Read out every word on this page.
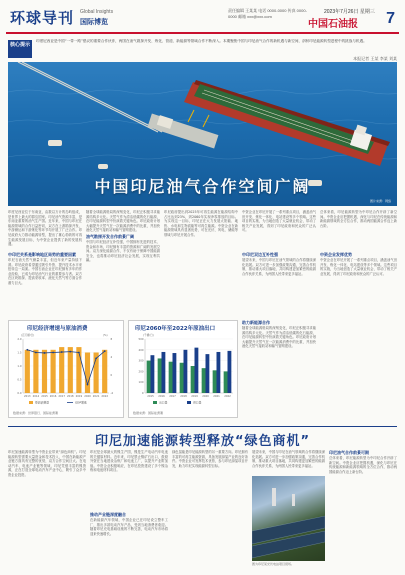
环球导刊 Global Insights
国际博览
责任编辑 王某某 电话 0000-0000 传真 0000-0000 邮箱 xxx@xxx.com
2023年7月26日 星期三
中国石油报 7
核心提示
印度尼西亚是中国“一带一路”倡议的重要合作伙伴，两国在油气勘探开发、炼化、管道、新能源等领域合作不断深入。本期聚焦中国与印尼油气合作的新机遇与新空间，剖析印尼能源转型进程中的挑战与机遇。
本报记者 王某 李某 刘某
中国印尼油气合作空间广阔
图片来源：网络
印度尼西亚位于东南亚，由数以万计的岛屿组成，是世界上最大的群岛国家。印尼油气资源丰富，是东南亚重要的油气生产国。近年来，中国与印尼在能源领域的合作日益密切，双方在上游勘探开发、中游储运和下游炼化等环节均开展了广泛合作。印尼政府大力推动能源转型，提出了雄心勃勃的可再生能源发展目标，为中资企业提供了新的发展机遇。
中印尼关系是影响地区局势的重要因素
印尼石油天然气储量丰富，但近年来产量持续下滑。印尼政府希望通过吸引外资、提升技术水平来扭转这一局面。中国石油企业在印尼拥有多年的作业经验，已成为印尼油气行业的重要参与者。双方在区块勘探、提高采收率、液化天然气等方面合作潜力巨大。
随着全球能源格局的深刻变化，印尼正积极寻求能源结构多元化。天然气作为清洁低碳的化石能源，在印尼能源转型中扮演着关键角色。印尼政府计划大幅提升天然气在一次能源消费中的比重，并加快液化天然气接收站和输气管网建设。
油气勘探开发合作前景广阔
中国与印尼经济互补性强，中国拥有先进的技术、资金和市场，印尼拥有丰富的资源和广阔的发展空间。双方深化能源合作，不仅有助于保障中国能源安全，也将推动印尼经济社会发展，实现互利共赢。
印尼政府提出到2025年可再生能源在能源结构中占比达到23%，到2060年实现净零排放的目标。为实现这一目标，印尼正在大力发展太阳能、地热、水电和生物质能等可再生能源。中资企业在新能源领域具有显著优势，可在光伏、风电、储能等领域与印尼开展合作。
中资企业在印尼开展了一系列重点项目，涵盖油气田开发、炼化一体化、电站建设等多个领域。这些项目的实施，为当地创造了大量就业机会，带动了相关产业发展，得到了印尼政府和民众的广泛认可。
中印尼双边互补性强
展望未来，中国与印尼在油气领域的合作将继续深化拓展。双方可进一步加强政策沟通，完善合作机制，推动重大项目落地，共同构建更加紧密的能源合作伙伴关系，为两国人民带来更多福祉。
总体来看，印尼能源转型为中印尼合作开辟了新空间。中资企业应把握机遇，深化与印尼在传统能源和新能源领域的全方位合作，推动两国能源合作迈上新台阶。
中资企业发挥优势
中资企业在印尼开展了一系列重点项目，涵盖油气田开发、炼化一体化、电站建设等多个领域。这些项目的实施，为当地创造了大量就业机会，带动了相关产业发展，得到了印尼政府和民众的广泛认可。
印尼经济增速与原油消费
0.0
0.5
1.0
1.5
2.0
-4
0
4
8
(百万桶/日)	(%)
2013 2014 2015 2016 2017 2018 2019 2020 2021 2022
原油消费量	GDP增速
数据来源：世界银行、国际能源署
印尼2060年至2022年原油出口
0
100
200
300
400
500
(千桶/日)
2015 2016 2017 2018 2019 2020 2021 2022
出口量	进口量
数据来源：国际能源署
助力新能源合作
随着全球能源格局的深刻变化，印尼正积极寻求能源结构多元化。天然气作为清洁低碳的化石能源，在印尼能源转型中扮演着关键角色。印尼政府计划大幅提升天然气在一次能源消费中的比重，并加快液化天然气接收站和输气管网建设。
印尼加速能源转型释放“绿色商机”
印尼加速能源转型为中资企业带来“绿色商机”。印尼能源转型需要大量资金和技术投入，中国在新能源产业链方面具有完整的优势，双方合作空间巨大。在电动汽车、电池产业链等领域，印尼凭借丰富的镍资源，正在打造全球电动汽车产业中心，吸引了众多中资企业投资。
印尼是全球最大的镍生产国，镍是生产电动汽车电池的关键原材料。近年来，印尼禁止镍矿石出口，鼓励外资在当地建设冶炼厂和电池工厂，以提升产业附加值。中资企业积极响应，在印尼投资建设了多个镍冶炼和电池材料项目。
推动产业链深度融合
在新能源汽车领域，中国企业已在印尼设立整车工厂，推出多款电动汽车产品，受到当地消费者欢迎。随着印尼充电基础设施的不断完善，电动汽车市场将迎来快速增长。
绿色氢能是印尼能源转型的另一重要方向。印尼拥有丰富的可再生能源资源，具备发展绿氢产业的良好条件。中资企业可发挥技术优势，参与印尼绿氢项目开发，助力印尼实现能源转型目标。
展望未来，中国与印尼在油气领域的合作将继续深化拓展。双方可进一步加强政策沟通，完善合作机制，推动重大项目落地，共同构建更加紧密的能源合作伙伴关系，为两国人民带来更多福祉。
图为印尼某光伏电站项目现场。
印尼油气合作前景可期
总体来看，印尼能源转型为中印尼合作开辟了新空间。中资企业应把握机遇，深化与印尼在传统能源和新能源领域的全方位合作，推动两国能源合作迈上新台阶。
